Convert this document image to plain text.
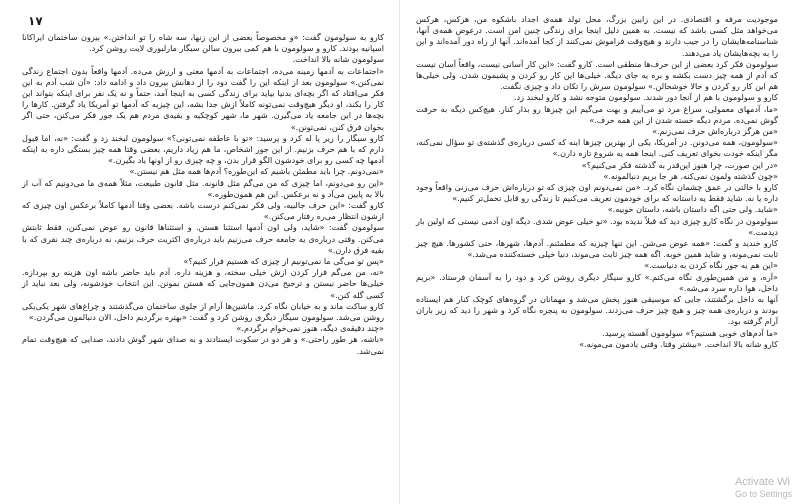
۱۷

کارو به سولومون گفت: «و مخصوصاً بعضی از این زنها، سه شاه را تو انداختن.» بیرون ساختمان ایراکانا اسپانیه بودند. کارو و سولومون با هم کمی بیرون سالن سیگار مارلبوری لایت روشن کرد.

سولومون شانه بالا انداخت.

«اجتماعات به آدمها زمینه می‌ده، اجتماعات به آدمها معنی و ارزش می‌ده. آدمها واقعاً بدون اجتماع زندگی نمی‌کنن.» سولومون بعد از اینکه این را گفت دود را از دهانش بیرون داد و ادامه داد: «آن شب آدم به این فکر می‌افتاد که اگر بچه‌ای بدنیا بیاید برای زندگی کسی به اینجا آمد، حتماً و نه یک نفر برای اینکه بتواند این کار را بکند، او دیگر هیچ‌وقت نمی‌تونه کاملاً ازش جدا بشه، این چیزیه که آدمها تو آمریکا یاد گرفتن. کارها را بچه‌ها در این جامعه یاد می‌گیرن. شهر ما، شهر کوچکیه و بقیه‌ی مردم هم یک جور فکر می‌کنن، حتی اگر بخوان فرق کنن، نمی‌تونن.»

کارو سیگار را زیر پا له کرد و پرسید: «تو با عاطفه نمی‌تونی؟» سولومون لبخند زد و گفت: «نه، اما قبول دارم که با هم حرف بزنیم. از این جور اشخاص، ما هم زیاد داریم، بعضی وقتا همه چیز بستگی داره به اینکه آدمها چه کسی رو برای خودشون الگو قرار بدن، و چه چیزی رو از اونها یاد بگیرن.»

«نمی‌دونم. چرا باید مطمئن باشیم که این‌طوره؟ آدم‌ها همه مثل هم نیستن.»

«این رو می‌دونم، اما چیزی که من می‌گم مثل قانونه. مثل قانون طبیعت، مثلاً همه‌ی ما می‌دونیم که آب از بالا به پایین می‌آد و نه برعکس. این هم همون‌طوره.»

کارو گفت: «این حرف جالبیه، ولی فکر نمی‌کنم درست باشه. بعضی وقتا آدمها کاملاً برعکس اون چیزی که ازشون انتظار می‌ره رفتار می‌کنن.»

سولومون گفت: «شاید، ولی اون آدمها استثنا هستن. و استثناها قانون رو عوض نمی‌کنن، فقط ثابتش می‌کنن. وقتی درباره‌ی یه جامعه حرف می‌زنیم باید درباره‌ی اکثریت حرف بزنیم، نه درباره‌ی چند نفری که با بقیه فرق دارن.»

«پس تو می‌گی ما نمی‌تونیم از چیزی که هستیم فرار کنیم؟»

«نه، من می‌گم فرار کردن ازش خیلی سخته، و هزینه داره. آدم باید حاضر باشه اون هزینه رو بپردازه. خیلی‌ها حاضر نیستن و ترجیح می‌دن همون‌جایی که هستن بمونن. این انتخاب خودشونه، ولی بعد نباید از کسی گله کنن.»

کارو ساکت ماند و به خیابان نگاه کرد. ماشین‌ها آرام از جلوی ساختمان می‌گذشتند و چراغ‌های شهر یکی‌یکی روشن می‌شد. سولومون سیگار دیگری روشن کرد و گفت: «بهتره برگردیم داخل، الان دنبالمون می‌گردن.»

«چند دقیقه‌ی دیگه، هنوز نمی‌خوام برگردم.»

«باشه، هر طور راحتی.» و هر دو در سکوت ایستادند و به صدای شهر گوش دادند، صدایی که هیچ‌وقت تمام نمی‌شد.

موجودیت مرفه و اقتصادی. در این زایین بزرگ، محل تولد همه‌ی اجداد باشکوه من، هرکس، هرکس می‌خواهد مثل کسی باشد که نیست. به همین دلیل اینجا برای زندگی چنین امن است. درعوض همه‌ی آنها، شناسنامه‌هایشان را در جیب دارند و هیچ‌وقت فراموش نمی‌کنند از کجا آمده‌اند. آنها از راه دور آمده‌اند و این را به بچه‌هایشان یاد می‌دهند.

سولومون فکر کرد بعضی از این حرف‌ها منطقی است. کارو گفت: «این کار آسانی نیست، واقعاً آسان نیست که آدم از همه چیز دست بکشه و بره یه جای دیگه. خیلی‌ها این کار رو کردن و پشیمون شدن. ولی خیلی‌ها هم این کار رو کردن و حالا خوشحالن.» سولومون سرش را تکان داد و چیزی نگفت.

کارو و سولومون با هم از آنجا دور شدند. سولومون متوجه نشد و کارو لبخند زد.

«ما، آدمهای معمولی، سراغ مرد تو می‌آییم و بهت می‌گیم این چیزها رو بذار کنار. هیچ‌کس دیگه به حرفت گوش نمی‌ده. مردم دیگه خسته شدن از این همه حرف.»

«من هرگز درباره‌اش حرف نمی‌زنم.»

«سولومون، همه می‌دونن. در آمریکا، یکی از بهترین چیزها اینه که کسی درباره‌ی گذشته‌ی تو سؤال نمی‌کنه، مگر اینکه خودت بخوای تعریف کنی. اینجا همه یه شروع تازه دارن.»

«در این صورت، چرا هنوز این‌قدر به گذشته فکر می‌کنیم؟»

«چون گذشته ولمون نمی‌کنه. هر جا بریم دنبالمونه.»

کارو با خالتی در عمق چشمان نگاه کرد. «من نمی‌دونم اون چیزی که تو درباره‌اش حرف می‌زنی واقعاً وجود داره یا نه. شاید فقط یه داستانه که برای خودمون تعریف می‌کنیم تا زندگی رو قابل تحمل‌تر کنیم.»

«شاید. ولی حتی اگه داستان باشه، داستان خوبیه.»

سولومون در نگاه کارو چیزی دید که قبلاً ندیده بود. «تو خیلی عوض شدی. دیگه اون آدمی نیستی که اولین بار دیدمت.»

کارو خندید و گفت: «همه عوض می‌شن. این تنها چیزیه که مطمئنم. آدم‌ها، شهرها، حتی کشورها. هیچ چیز ثابت نمی‌مونه، و شاید همین خوبه. اگه همه چیز ثابت می‌موند، دنیا خیلی خسته‌کننده می‌شد.»

«این هم یه جور نگاه کردن به دنیاست.»

«آره، و من همین‌طوری نگاه می‌کنم.» کارو سیگار دیگری روشن کرد و دود را به آسمان فرستاد. «بریم داخل، هوا داره سرد می‌شه.»

آنها به داخل برگشتند، جایی که موسیقی هنوز پخش می‌شد و مهمانان در گروه‌های کوچک کنار هم ایستاده بودند و درباره‌ی همه چیز و هیچ چیز حرف می‌زدند. سولومون به پنجره نگاه کرد و شهر را دید که زیر باران آرام گرفته بود.

«ما آدم‌های خوبی هستیم؟» سولومون آهسته پرسید.

کارو شانه بالا انداخت. «بیشتر وقتا. وقتی یادمون می‌مونه.»

Activate Wi
Go to Settings
